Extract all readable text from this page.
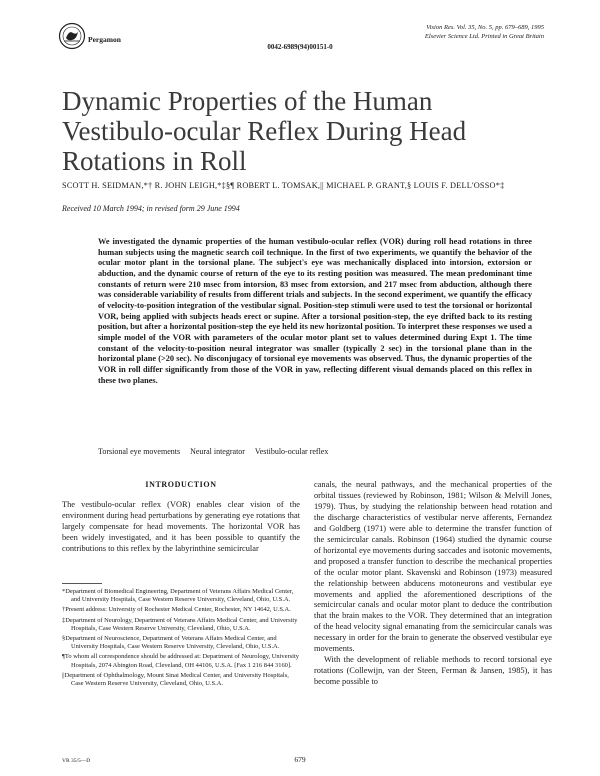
Pergamon
Vision Res. Vol. 35, No. 5, pp. 679–689, 1995
Elsevier Science Ltd. Printed in Great Britain
0042-6989(94)00151-0
Dynamic Properties of the Human Vestibulo-ocular Reflex During Head Rotations in Roll
SCOTT H. SEIDMAN,*† R. JOHN LEIGH,*‡§¶ ROBERT L. TOMSAK,|| MICHAEL P. GRANT,§ LOUIS F. DELL'OSSO*‡
Received 10 March 1994; in revised form 29 June 1994
We investigated the dynamic properties of the human vestibulo-ocular reflex (VOR) during roll head rotations in three human subjects using the magnetic search coil technique. In the first of two experiments, we quantify the behavior of the ocular motor plant in the torsional plane. The subject's eye was mechanically displaced into intorsion, extorsion or abduction, and the dynamic course of return of the eye to its resting position was measured. The mean predominant time constants of return were 210 msec from intorsion, 83 msec from extorsion, and 217 msec from abduction, although there was considerable variability of results from different trials and subjects. In the second experiment, we quantify the efficacy of velocity-to-position integration of the vestibular signal. Position-step stimuli were used to test the torsional or horizontal VOR, being applied with subjects heads erect or supine. After a torsional position-step, the eye drifted back to its resting position, but after a horizontal position-step the eye held its new horizontal position. To interpret these responses we used a simple model of the VOR with parameters of the ocular motor plant set to values determined during Expt 1. The time constant of the velocity-to-position neural integrator was smaller (typically 2 sec) in the torsional plane than in the horizontal plane (>20 sec). No disconjugacy of torsional eye movements was observed. Thus, the dynamic properties of the VOR in roll differ significantly from those of the VOR in yaw, reflecting different visual demands placed on this reflex in these two planes.
Torsional eye movements Neural integrator Vestibulo-ocular reflex
INTRODUCTION
The vestibulo-ocular reflex (VOR) enables clear vision of the environment during head perturbations by generating eye rotations that largely compensate for head movements. The horizontal VOR has been widely investigated, and it has been possible to quantify the contributions to this reflex by the labyrinthine semicircular
*Department of Biomedical Engineering, Department of Veterans Affairs Medical Center, and University Hospitals, Case Western Reserve University, Cleveland, Ohio, U.S.A.
†Present address: University of Rochester Medical Center, Rochester, NY 14642, U.S.A.
‡Department of Neurology, Department of Veterans Affairs Medical Center, and University Hospitals, Case Western Reserve University, Cleveland, Ohio, U.S.A.
§Department of Neuroscience, Department of Veterans Affairs Medical Center, and University Hospitals, Case Western Reserve University, Cleveland, Ohio, U.S.A.
¶To whom all correspondence should be addressed at: Department of Neurology, University Hospitals, 2074 Abington Road, Cleveland, OH 44106, U.S.A. [Fax 1 216 844 3160].
||Department of Ophthalmology, Mount Sinai Medical Center, and University Hospitals, Case Western Reserve University, Cleveland, Ohio, U.S.A.

canals, the neural pathways, and the mechanical properties of the orbital tissues (reviewed by Robinson, 1981; Wilson & Melvill Jones, 1979). Thus, by studying the relationship between head rotation and the discharge characteristics of vestibular nerve afferents, Fernandez and Goldberg (1971) were able to determine the transfer function of the semicircular canals. Robinson (1964) studied the dynamic course of horizontal eye movements during saccades and isotonic movements, and proposed a transfer function to describe the mechanical properties of the ocular motor plant. Skavenski and Robinson (1973) measured the relationship between abducens motoneurons and vestibular eye movements and applied the aforementioned descriptions of the semicircular canals and ocular motor plant to deduce the contribution that the brain makes to the VOR. They determined that an integration of the head velocity signal emanating from the semicircular canals was necessary in order for the brain to generate the observed vestibular eye movements.

With the development of reliable methods to record torsional eye rotations (Collewijn, van der Steen, Ferman & Jansen, 1985), it has become possible to

VR 35/5—D	679
